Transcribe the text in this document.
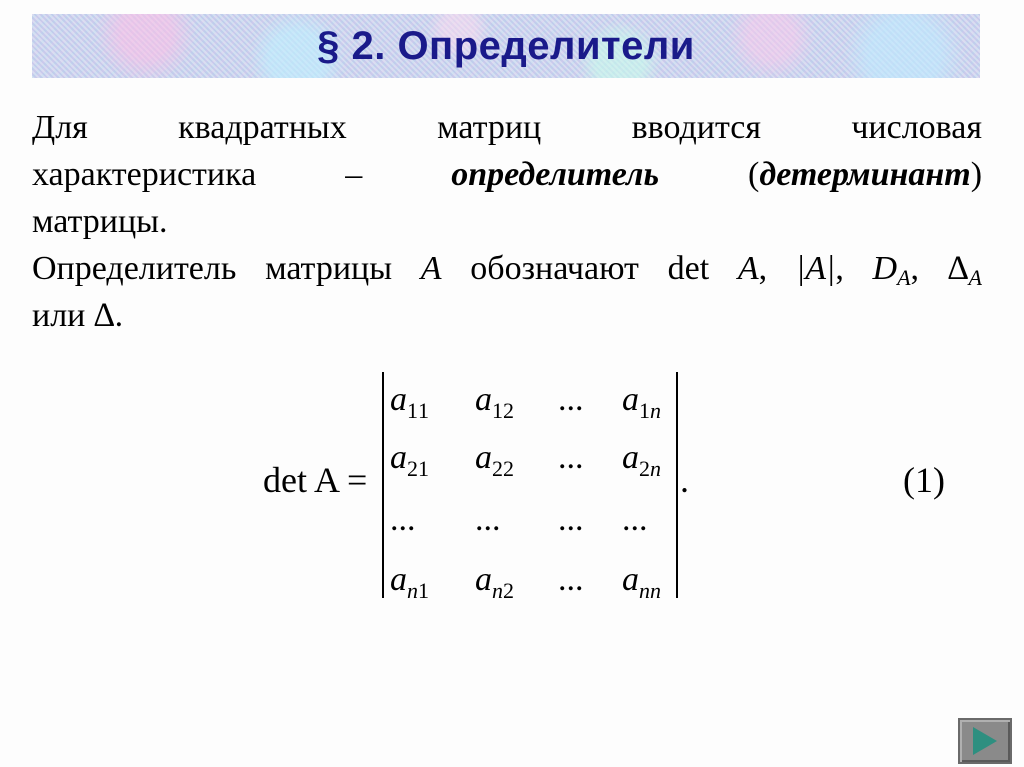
§ 2. Определители
Для	квадратных	матриц	вводится	числовая
характеристика	–	определитель	(детерминант)
матрицы.
Определитель матрицы A обозначают det A, |A|, $D_A$, $\Delta_A$
или ∆.
det A =
$a_{11}$ $a_{12}$ ... $a_{1n}$
$a_{21}$ $a_{22}$ ... $a_{2n}$
... ... ... ...
$a_{n1}$ $a_{n2}$ ... $a_{nn}$
.	(1)
